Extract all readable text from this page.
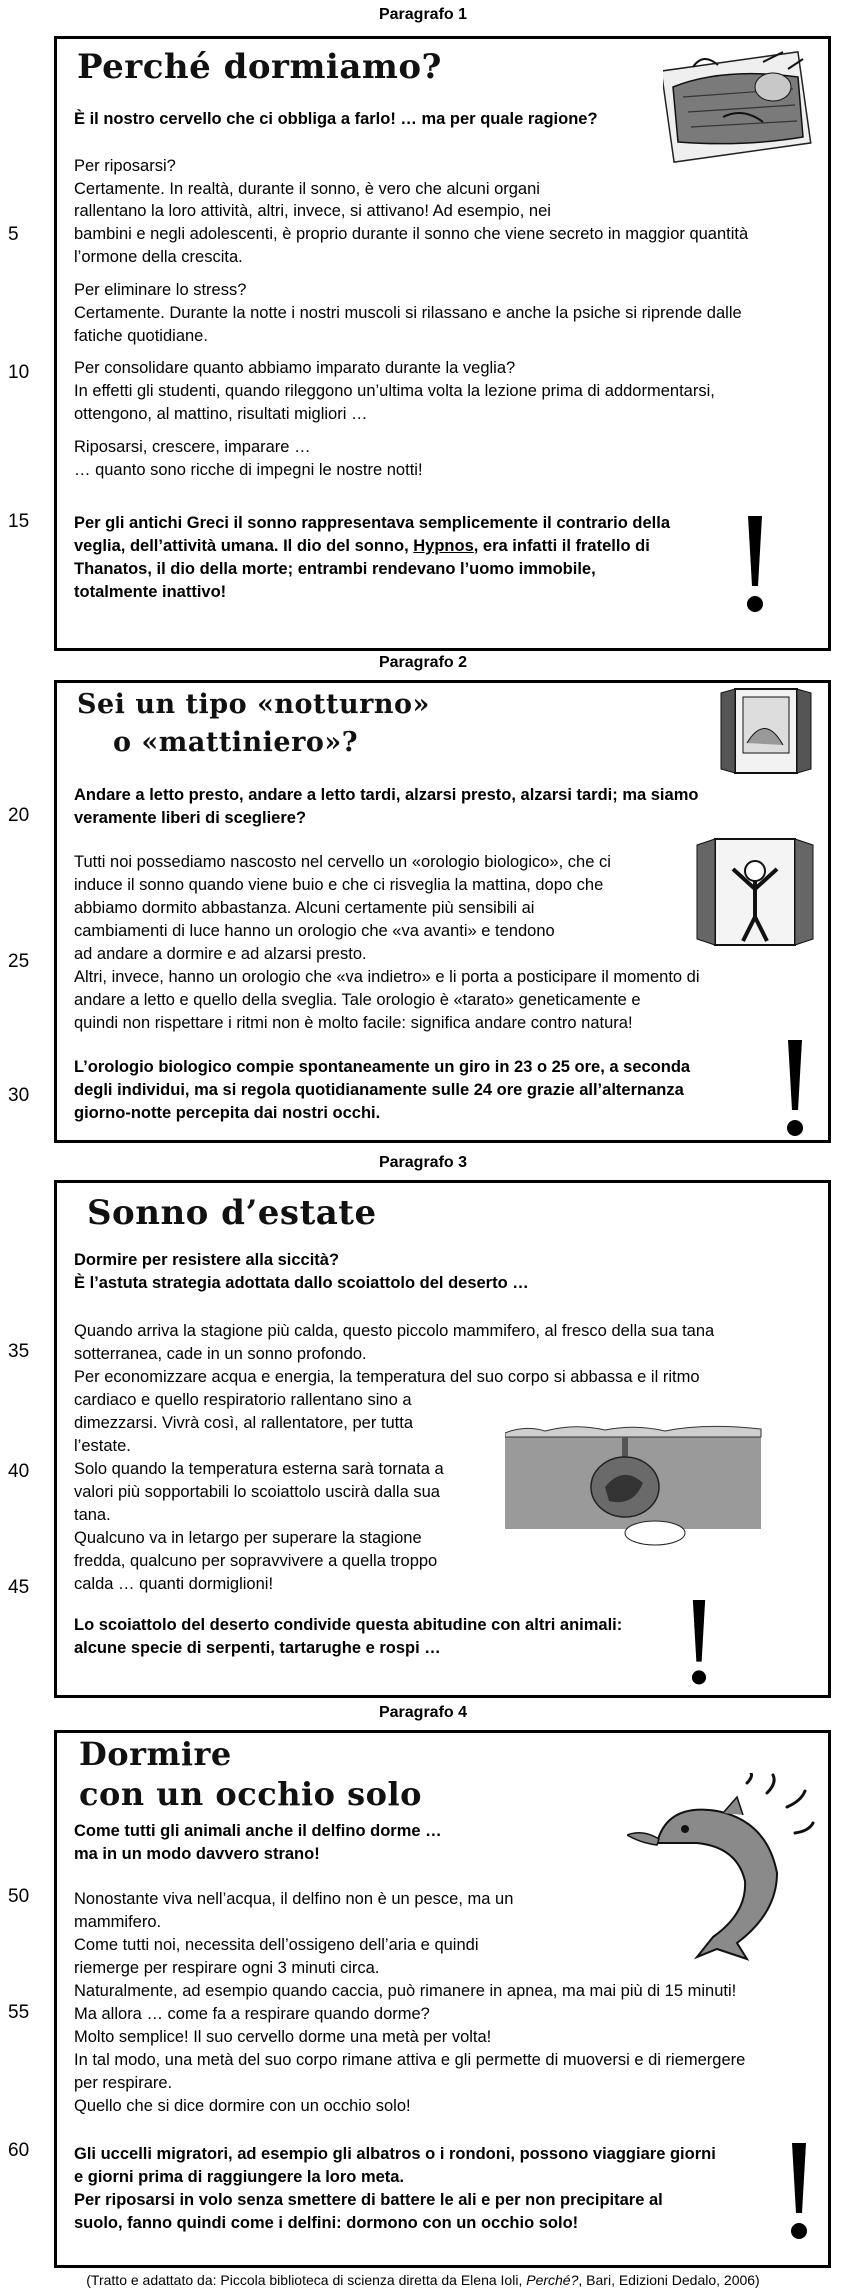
Paragrafo 1
Perché dormiamo?
È il nostro cervello che ci obbliga a farlo! … ma per quale ragione?
Per riposarsi?
Certamente. In realtà, durante il sonno, è vero che alcuni organi
rallentano la loro attività, altri, invece, si attivano! Ad esempio, nei
bambini e negli adolescenti, è proprio durante il sonno che viene secreto in maggior quantità
l’ormone della crescita.
Per eliminare lo stress?
Certamente. Durante la notte i nostri muscoli si rilassano e anche la psiche si riprende dalle
fatiche quotidiane.
Per consolidare quanto abbiamo imparato durante la veglia?
In effetti gli studenti, quando rileggono un’ultima volta la lezione prima di addormentarsi,
ottengono, al mattino, risultati migliori …
Riposarsi, crescere, imparare …
… quanto sono ricche di impegni le nostre notti!
Per gli antichi Greci il sonno rappresentava semplicemente il contrario della
veglia, dell’attività umana. Il dio del sonno, Hypnos, era infatti il fratello di
Thanatos, il dio della morte; entrambi rendevano l’uomo immobile,
totalmente inattivo!
Paragrafo 2
Sei un tipo «notturno»
o «mattiniero»?
Andare a letto presto, andare a letto tardi, alzarsi presto, alzarsi tardi; ma siamo
veramente liberi di scegliere?
Tutti noi possediamo nascosto nel cervello un «orologio biologico», che ci
induce il sonno quando viene buio e che ci risveglia la mattina, dopo che
abbiamo dormito abbastanza. Alcuni certamente più sensibili ai
cambiamenti di luce hanno un orologio che «va avanti» e tendono
ad andare a dormire e ad alzarsi presto.
Altri, invece, hanno un orologio che «va indietro» e li porta a posticipare il momento di
andare a letto e quello della sveglia. Tale orologio è «tarato» geneticamente e
quindi non rispettare i ritmi non è molto facile: significa andare contro natura!
L’orologio biologico compie spontaneamente un giro in 23 o 25 ore, a seconda
degli individui, ma si regola quotidianamente sulle 24 ore grazie all’alternanza
giorno-notte percepita dai nostri occhi.
Paragrafo 3
Sonno d’estate
Dormire per resistere alla siccità?
È l’astuta strategia adottata dallo scoiattolo del deserto …
Quando arriva la stagione più calda, questo piccolo mammifero, al fresco della sua tana
sotterranea, cade in un sonno profondo.
Per economizzare acqua e energia, la temperatura del suo corpo si abbassa e il ritmo
cardiaco e quello respiratorio rallentano sino a
dimezzarsi. Vivrà così, al rallentatore, per tutta
l’estate.
Solo quando la temperatura esterna sarà tornata a
valori più sopportabili lo scoiattolo uscirà dalla sua
tana.
Qualcuno va in letargo per superare la stagione
fredda, qualcuno per sopravvivere a quella troppo
calda … quanti dormiglioni!
Lo scoiattolo del deserto condivide questa abitudine con altri animali:
alcune specie di serpenti, tartarughe e rospi …
Paragrafo 4
Dormire
con un occhio solo
Come tutti gli animali anche il delfino dorme …
ma in un modo davvero strano!
Nonostante viva nell’acqua, il delfino non è un pesce, ma un
mammifero.
Come tutti noi, necessita dell’ossigeno dell’aria e quindi
riemerge per respirare ogni 3 minuti circa.
Naturalmente, ad esempio quando caccia, può rimanere in apnea, ma mai più di 15 minuti!
Ma allora … come fa a respirare quando dorme?
Molto semplice! Il suo cervello dorme una metà per volta!
In tal modo, una metà del suo corpo rimane attiva e gli permette di muoversi e di riemergere
per respirare.
Quello che si dice dormire con un occhio solo!
Gli uccelli migratori, ad esempio gli albatros o i rondoni, possono viaggiare giorni
e giorni prima di raggiungere la loro meta.
Per riposarsi in volo senza smettere di battere le ali e per non precipitare al
suolo, fanno quindi come i delfini: dormono con un occhio solo!
5
10
15
20
25
30
35
40
45
50
55
60
(Tratto e adattato da: Piccola biblioteca di scienza diretta da Elena Ioli, Perché?, Bari, Edizioni Dedalo, 2006)
